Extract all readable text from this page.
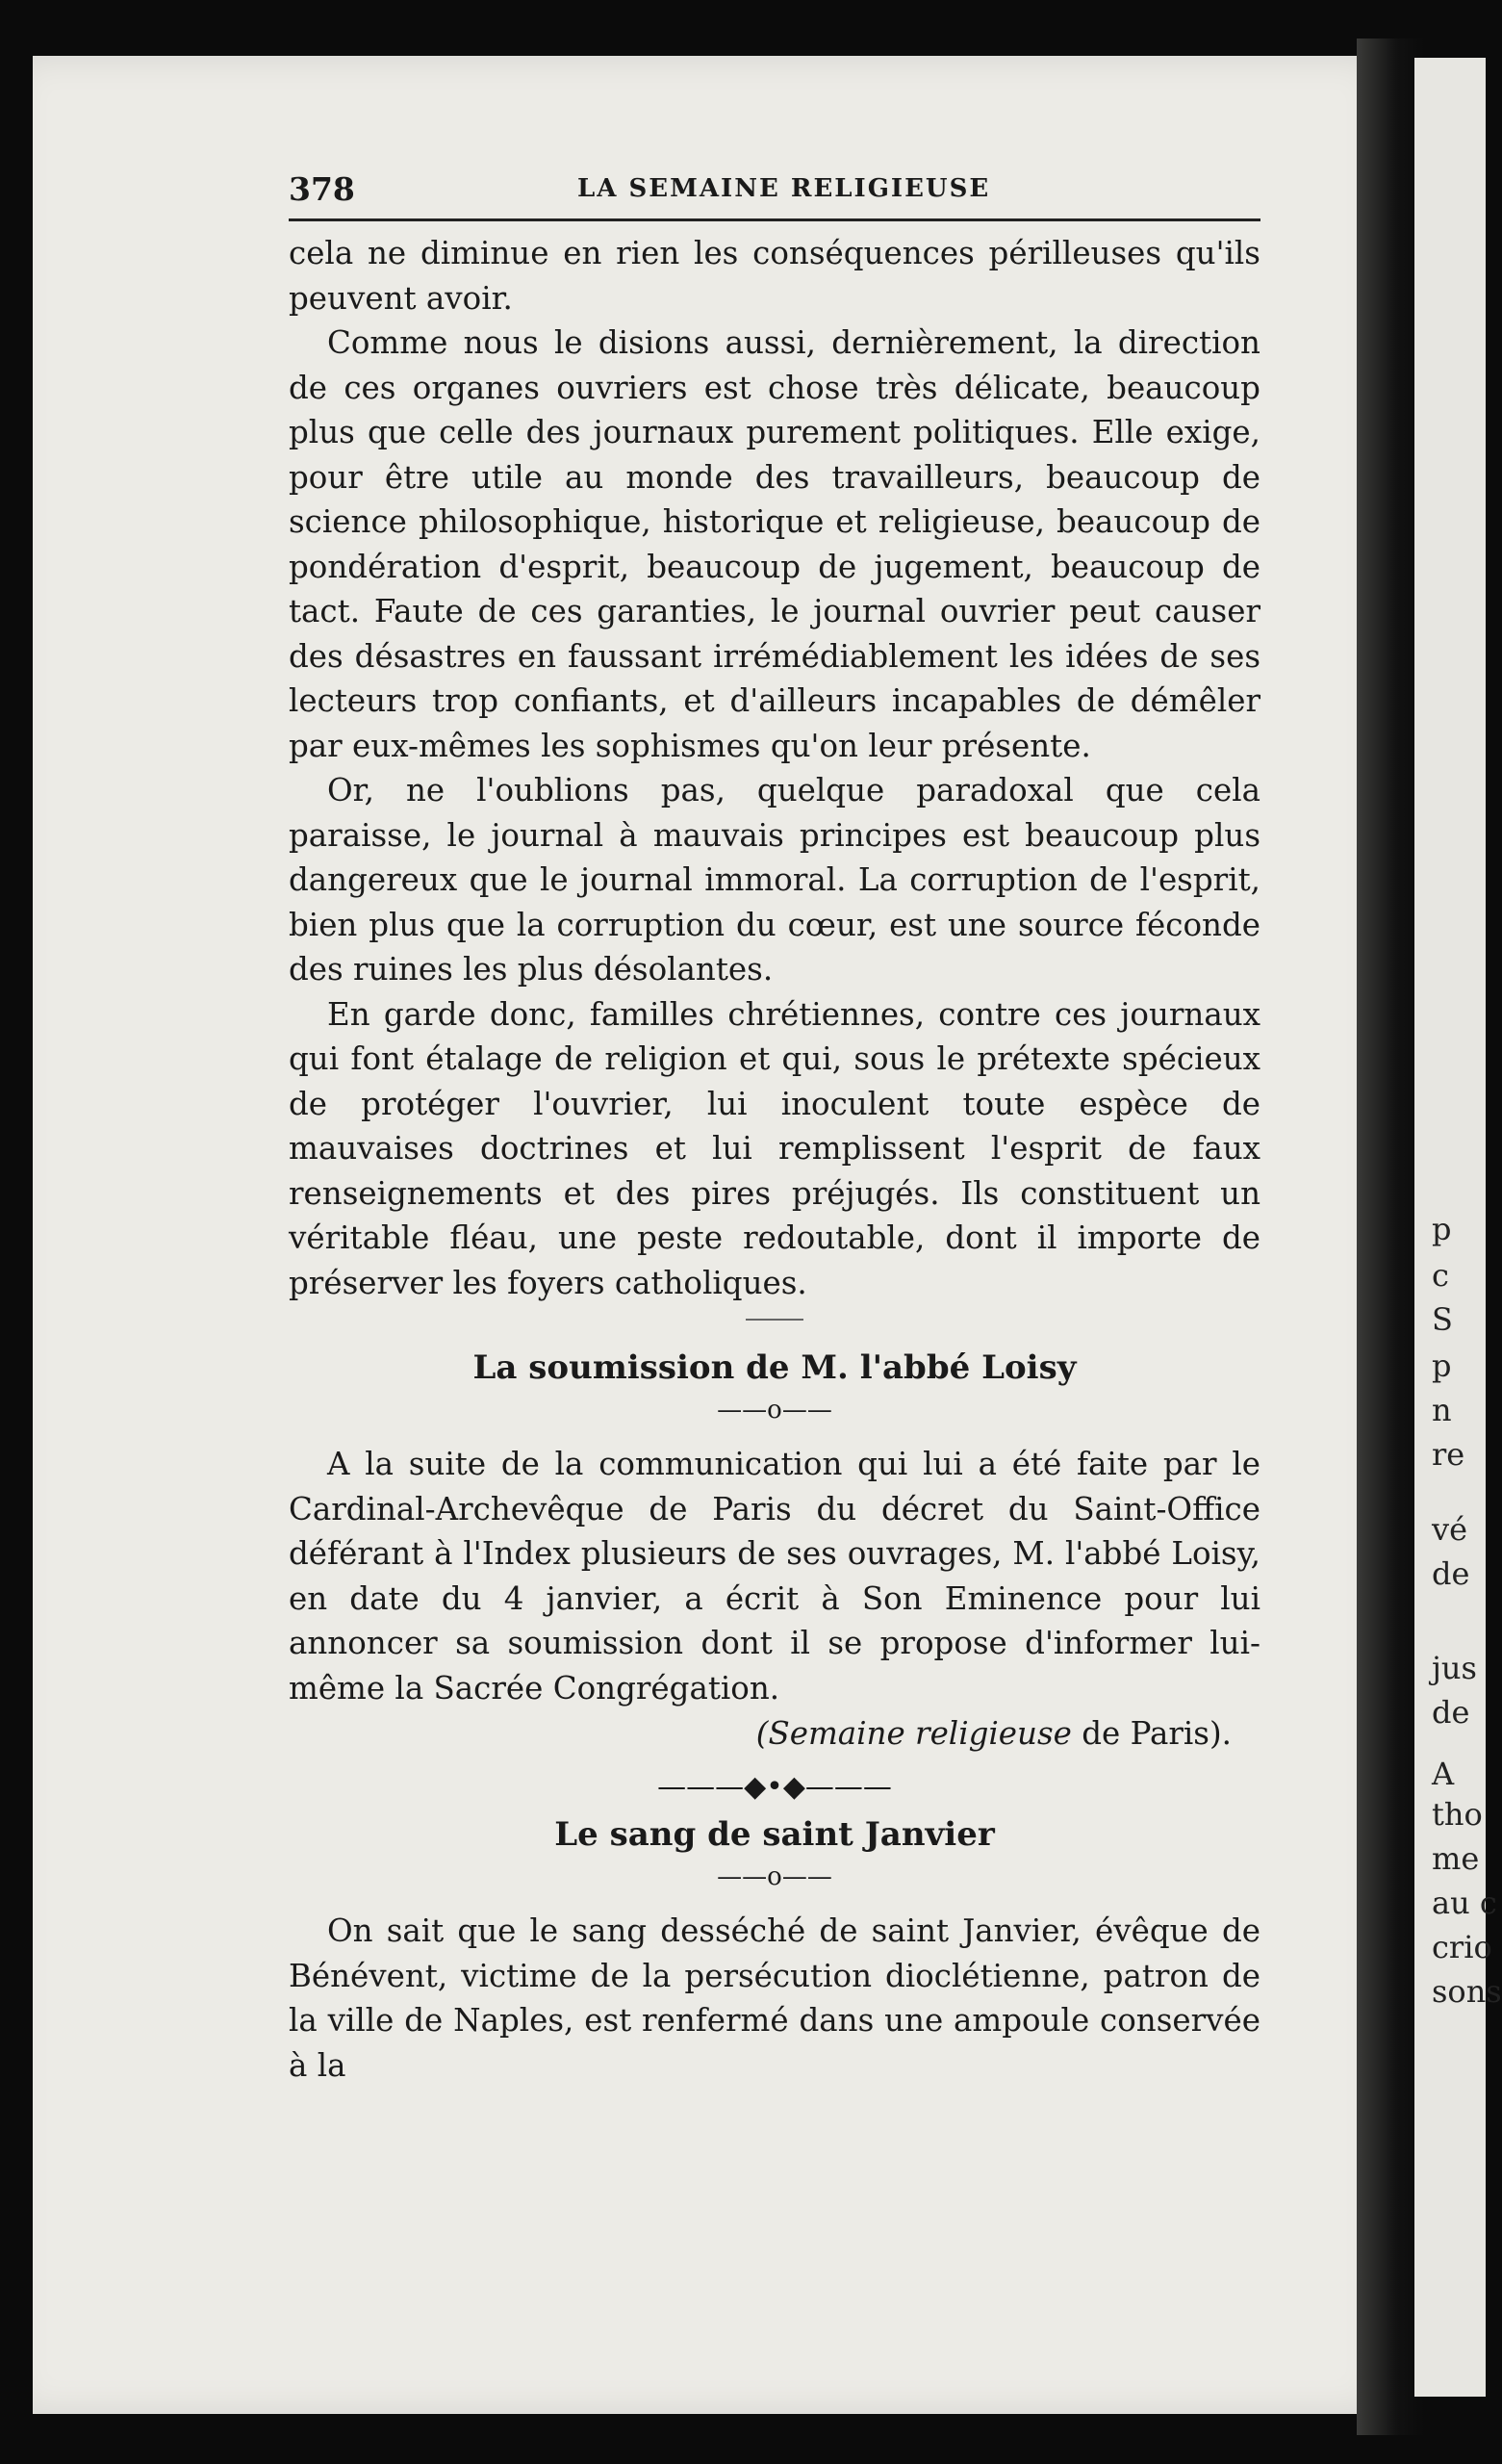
p
c
S
p
n
re
vé
de
jus
de
A
tho
me
au c
crio
sons
378	LA SEMAINE RELIGIEUSE

cela ne diminue en rien les conséquences périlleuses qu'ils peuvent avoir.

Comme nous le disions aussi, dernièrement, la direction de ces organes ouvriers est chose très délicate, beaucoup plus que celle des journaux purement politiques. Elle exige, pour être utile au monde des travailleurs, beaucoup de science philosophique, historique et religieuse, beaucoup de pondération d'esprit, beaucoup de jugement, beaucoup de tact. Faute de ces garanties, le journal ouvrier peut causer des désastres en faussant irrémédiablement les idées de ses lecteurs trop confiants, et d'ailleurs incapables de démêler par eux-mêmes les sophismes qu'on leur présente.

Or, ne l'oublions pas, quelque paradoxal que cela paraisse, le journal à mauvais principes est beaucoup plus dangereux que le journal immoral. La corruption de l'esprit, bien plus que la corruption du cœur, est une source féconde des ruines les plus désolantes.

En garde donc, familles chrétiennes, contre ces journaux qui font étalage de religion et qui, sous le prétexte spécieux de protéger l'ouvrier, lui inoculent toute espèce de mauvaises doctrines et lui remplissent l'esprit de faux renseignements et des pires préjugés. Ils constituent un véritable fléau, une peste redoutable, dont il importe de préserver les foyers catholiques.

La soumission de M. l'abbé Loisy
——o——

A la suite de la communication qui lui a été faite par le Cardinal-Archevêque de Paris du décret du Saint-Office déférant à l'Index plusieurs de ses ouvrages, M. l'abbé Loisy, en date du 4 janvier, a écrit à Son Eminence pour lui annoncer sa soumission dont il se propose d'informer lui-même la Sacrée Congrégation.

(Semaine religieuse de Paris).
———◆•◆———
Le sang de saint Janvier
——o——

On sait que le sang desséché de saint Janvier, évêque de Bénévent, victime de la persécution dioclétienne, patron de la ville de Naples, est renfermé dans une ampoule conservée à la
